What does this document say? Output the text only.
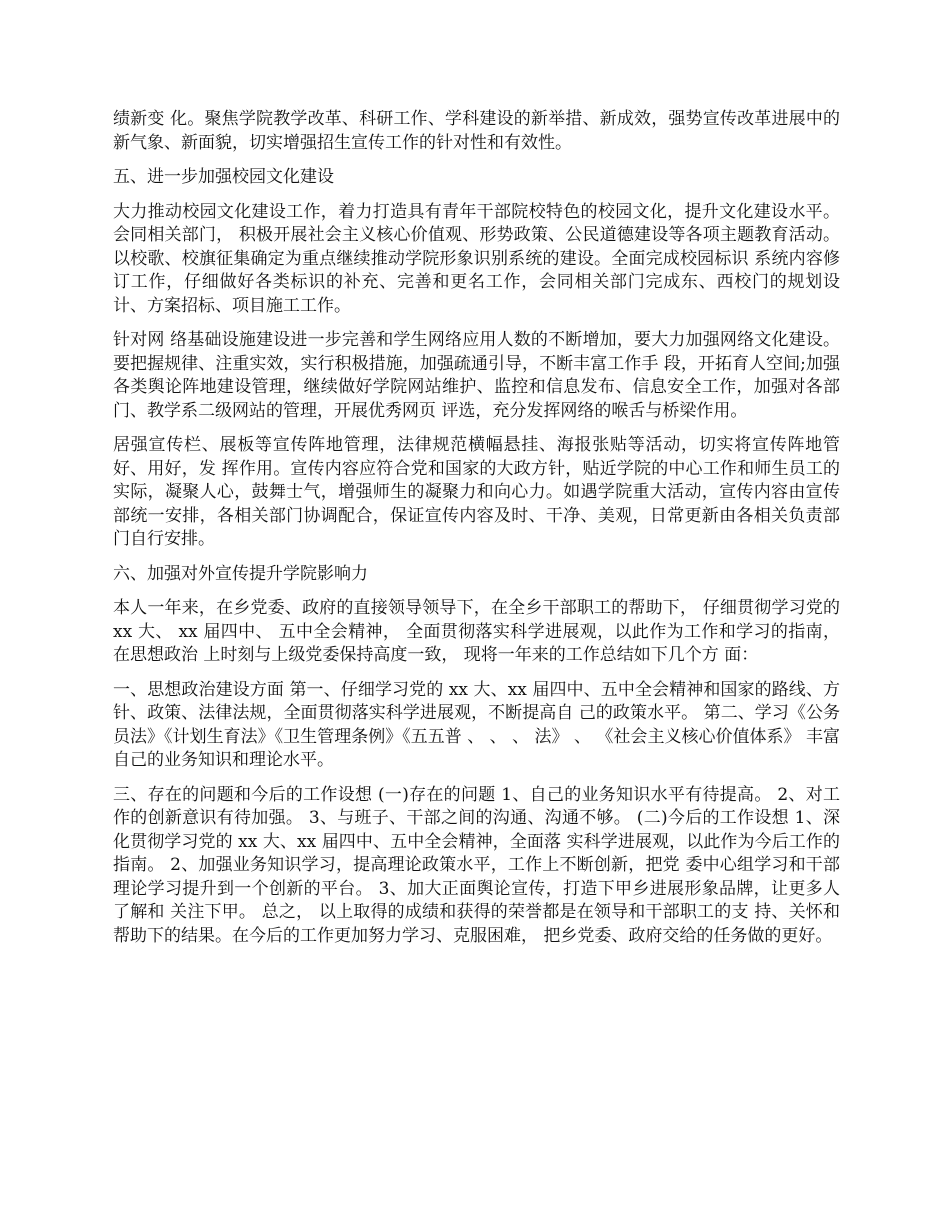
绩新变 化。聚焦学院教学改革、科研工作、学科建设的新举措、新成效，强势宣传改革进展中的新气象、新面貌，切实增强招生宣传工作的针对性和有效性。

五、进一步加强校园文化建设

大力推动校园文化建设工作，着力打造具有青年干部院校特色的校园文化，提升文化建设水平。会同相关部门， 积极开展社会主义核心价值观、形势政策、公民道德建设等各项主题教育活动。以校歌、校旗征集确定为重点继续推动学院形象识别系统的建设。全面完成校园标识 系统内容修订工作，仔细做好各类标识的补充、完善和更名工作，会同相关部门完成东、西校门的规划设计、方案招标、项目施工工作。

针对网 络基础设施建设进一步完善和学生网络应用人数的不断增加，要大力加强网络文化建设。要把握规律、注重实效，实行积极措施，加强疏通引导，不断丰富工作手 段，开拓育人空间;加强各类舆论阵地建设管理，继续做好学院网站维护、监控和信息发布、信息安全工作，加强对各部门、教学系二级网站的管理，开展优秀网页 评选，充分发挥网络的喉舌与桥梁作用。

居强宣传栏、展板等宣传阵地管理，法律规范横幅悬挂、海报张贴等活动，切实将宣传阵地管好、用好，发 挥作用。宣传内容应符合党和国家的大政方针，贴近学院的中心工作和师生员工的实际，凝聚人心，鼓舞士气，增强师生的凝聚力和向心力。如遇学院重大活动，宣传内容由宣传部统一安排，各相关部门协调配合，保证宣传内容及时、干净、美观，日常更新由各相关负责部门自行安排。

六、加强对外宣传提升学院影响力

本人一年来，在乡党委、政府的直接领导领导下，在全乡干部职工的帮助下， 仔细贯彻学习党的 xx 大、 xx 届四中、 五中全会精神， 全面贯彻落实科学进展观，以此作为工作和学习的指南，在思想政治 上时刻与上级党委保持高度一致， 现将一年来的工作总结如下几个方 面：

一、思想政治建设方面 第一、仔细学习党的 xx 大、xx 届四中、五中全会精神和国家的路线、方针、政策、法律法规，全面贯彻落实科学进展观，不断提高自 己的政策水平。 第二、学习《公务员法》《计划生育法》《卫生管理条例》《五五普 、 、 、 法》 、 《社会主义核心价值体系》 丰富自己的业务知识和理论水平。

三、存在的问题和今后的工作设想 (一)存在的问题 1、自己的业务知识水平有待提高。 2、对工作的创新意识有待加强。 3、与班子、干部之间的沟通、沟通不够。 (二)今后的工作设想 1、深化贯彻学习党的 xx 大、xx 届四中、五中全会精神，全面落 实科学进展观，以此作为今后工作的指南。 2、加强业务知识学习，提高理论政策水平，工作上不断创新，把党 委中心组学习和干部理论学习提升到一个创新的平台。 3、加大正面舆论宣传，打造下甲乡进展形象品牌，让更多人了解和 关注下甲。 总之， 以上取得的成绩和获得的荣誉都是在领导和干部职工的支 持、关怀和帮助下的结果。在今后的工作更加努力学习、克服困难， 把乡党委、政府交给的任务做的更好。
